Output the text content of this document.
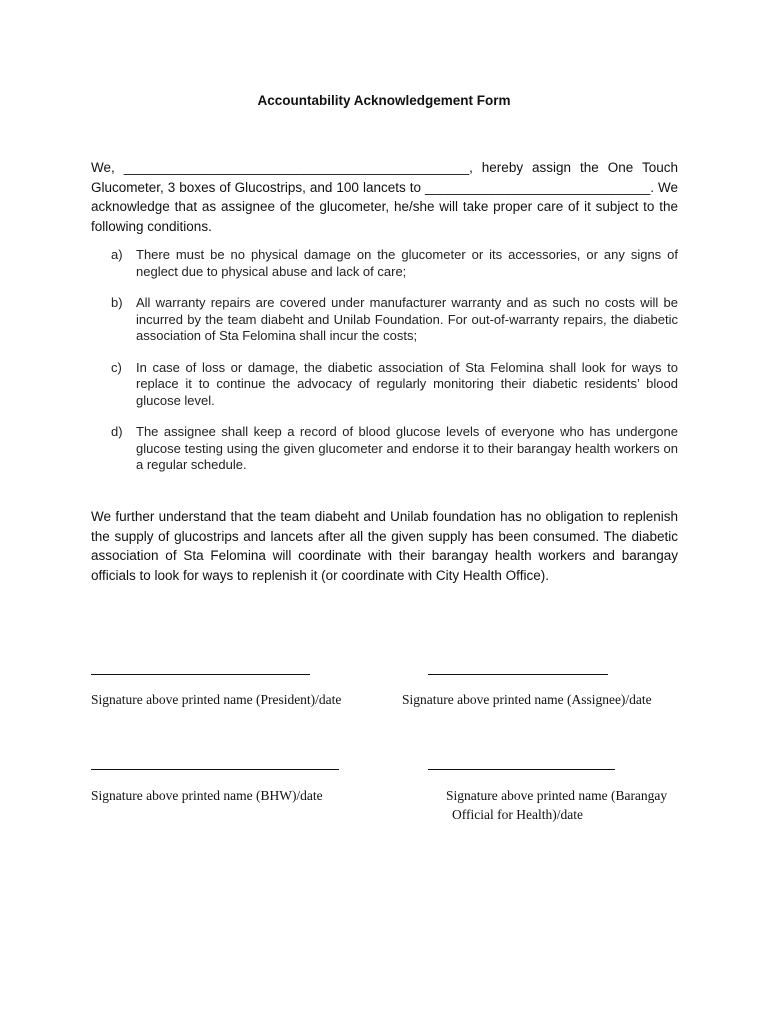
Accountability Acknowledgement Form
We, ______________________________________________, hereby assign the One Touch Glucometer, 3 boxes of Glucostrips, and 100 lancets to ______________________________. We acknowledge that as assignee of the glucometer, he/she will take proper care of it subject to the following conditions.
a)	There must be no physical damage on the glucometer or its accessories, or any signs of neglect due to physical abuse and lack of care;
b)	All warranty repairs are covered under manufacturer warranty and as such no costs will be incurred by the team diabeht and Unilab Foundation. For out-of-warranty repairs, the diabetic association of Sta Felomina shall incur the costs;
c)	In case of loss or damage, the diabetic association of Sta Felomina shall look for ways to replace it to continue the advocacy of regularly monitoring their diabetic residents’ blood glucose level.
d)	The assignee shall keep a record of blood glucose levels of everyone who has undergone glucose testing using the given glucometer and endorse it to their barangay health workers on a regular schedule.
We further understand that the team diabeht and Unilab foundation has no obligation to replenish the supply of glucostrips and lancets after all the given supply has been consumed. The diabetic association of Sta Felomina will coordinate with their barangay health workers and barangay officials to look for ways to replenish it (or coordinate with City Health Office).
Signature above printed name (President)/date	Signature above printed name (Assignee)/date
Signature above printed name (BHW)/date	Signature above printed name (Barangay
Official for Health)/date
